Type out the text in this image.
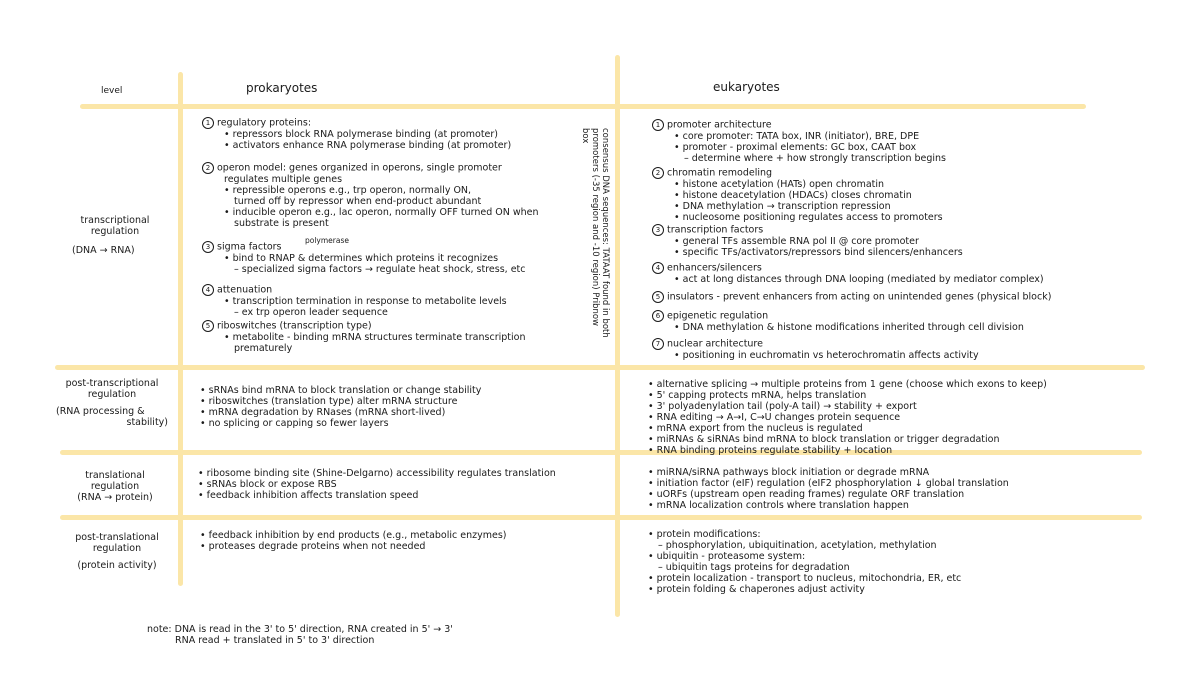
level	prokaryotes	eukaryotes
transcriptional
regulation
(DNA → RNA)
post-transcriptional
regulation
(RNA processing &
stability)
translational
regulation
(RNA → protein)
post-translational
regulation
(protein activity)
1 regulatory proteins:
• repressors block RNA polymerase binding (at promoter)
• activators enhance RNA polymerase binding (at promoter)
2 operon model: genes organized in operons, single promoter
regulates multiple genes
• repressible operons e.g., trp operon, normally ON,
turned off by repressor when end-product abundant
• inducible operon e.g., lac operon, normally OFF turned ON when
substrate is present
polymerase
3 sigma factors
• bind to RNAP & determines which proteins it recognizes
– specialized sigma factors → regulate heat shock, stress, etc
4 attenuation
• transcription termination in response to metabolite levels
– ex trp operon leader sequence
5 riboswitches (transcription type)
• metabolite - binding mRNA structures terminate transcription
prematurely
consensus DNA sequences: TATAAT found in both
promoters (-35 region and -10 region) Pribnow
box
1 promoter architecture
• core promoter: TATA box, INR (initiator), BRE, DPE
• promoter - proximal elements: GC box, CAAT box
– determine where + how strongly transcription begins
2 chromatin remodeling
• histone acetylation (HATs) open chromatin
• histone deacetylation (HDACs) closes chromatin
• DNA methylation → transcription repression
• nucleosome positioning regulates access to promoters
3 transcription factors
• general TFs assemble RNA pol II @ core promoter
• specific TFs/activators/repressors bind silencers/enhancers
4 enhancers/silencers
• act at long distances through DNA looping (mediated by mediator complex)
5 insulators - prevent enhancers from acting on unintended genes (physical block)
6 epigenetic regulation
• DNA methylation & histone modifications inherited through cell division
7 nuclear architecture
• positioning in euchromatin vs heterochromatin affects activity
• sRNAs bind mRNA to block translation or change stability
• riboswitches (translation type) alter mRNA structure
• mRNA degradation by RNases (mRNA short-lived)
• no splicing or capping so fewer layers
• alternative splicing → multiple proteins from 1 gene (choose which exons to keep)
• 5' capping protects mRNA, helps translation
• 3' polyadenylation tail (poly-A tail) → stability + export
• RNA editing → A→I, C→U changes protein sequence
• mRNA export from the nucleus is regulated
• miRNAs & siRNAs bind mRNA to block translation or trigger degradation
• RNA binding proteins regulate stability + location
• ribosome binding site (Shine-Delgarno) accessibility regulates translation
• sRNAs block or expose RBS
• feedback inhibition affects translation speed
• miRNA/siRNA pathways block initiation or degrade mRNA
• initiation factor (eIF) regulation (eIF2 phosphorylation ↓ global translation
• uORFs (upstream open reading frames) regulate ORF translation
• mRNA localization controls where translation happen
• feedback inhibition by end products (e.g., metabolic enzymes)
• proteases degrade proteins when not needed
• protein modifications:
– phosphorylation, ubiquitination, acetylation, methylation
• ubiquitin - proteasome system:
– ubiquitin tags proteins for degradation
• protein localization - transport to nucleus, mitochondria, ER, etc
• protein folding & chaperones adjust activity
note: DNA is read in the 3' to 5' direction, RNA created in 5' → 3'
RNA read + translated in 5' to 3' direction
